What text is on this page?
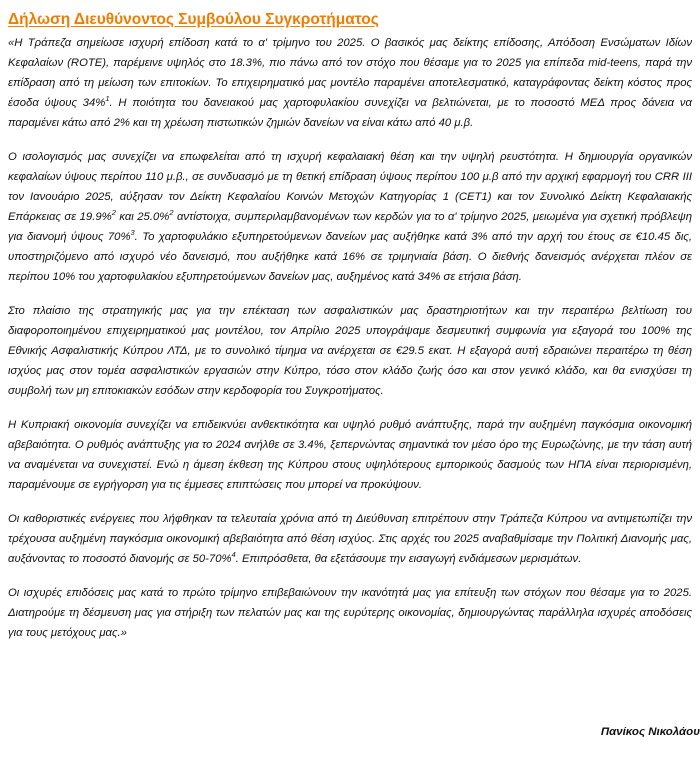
Δήλωση Διευθύνοντος Συμβούλου Συγκροτήματος

«Η Τράπεζα σημείωσε ισχυρή επίδοση κατά το α' τρίμηνο του 2025. Ο βασικός μας δείκτης επίδοσης, Απόδοση Ενσώματων Ιδίων Κεφαλαίων (ROTE), παρέμεινε υψηλός στο 18.3%, πιο πάνω από τον στόχο που θέσαμε για το 2025 για επίπεδα mid-teens, παρά την επίδραση από τη μείωση των επιτοκίων. Το επιχειρηματικό μας μοντέλο παραμένει αποτελεσματικό, καταγράφοντας δείκτη κόστος προς έσοδα ύψους 34%$^1$. Η ποιότητα του δανειακού μας χαρτοφυλακίου συνεχίζει να βελτιώνεται, με το ποσοστό ΜΕΔ προς δάνεια να παραμένει κάτω από 2% και τη χρέωση πιστωτικών ζημιών δανείων να είναι κάτω από 40 μ.β.

Ο ισολογισμός μας συνεχίζει να επωφελείται από τη ισχυρή κεφαλαιακή θέση και την υψηλή ρευστότητα. Η δημιουργία οργανικών κεφαλαίων ύψους περίπου 110 μ.β., σε συνδυασμό με τη θετική επίδραση ύψους περίπου 100 μ.β από την αρχική εφαρμογή του CRR III τον Ιανουάριο 2025, αύξησαν τον Δείκτη Κεφαλαίου Κοινών Μετοχών Κατηγορίας 1 (CET1) και τον Συνολικό Δείκτη Κεφαλαιακής Επάρκειας σε 19.9%$^2$ και 25.0%$^2$ αντίστοιχα, συμπεριλαμβανομένων των κερδών για το α' τρίμηνο 2025, μειωμένα για σχετική πρόβλεψη για διανομή ύψους 70%$^3$. Το χαρτοφυλάκιο εξυπηρετούμενων δανείων μας αυξήθηκε κατά 3% από την αρχή του έτους σε €10.45 δις, υποστηριζόμενο από ισχυρό νέο δανεισμό, που αυξήθηκε κατά 16% σε τριμηνιαία βάση. Ο διεθνής δανεισμός ανέρχεται πλέον σε περίπου 10% του χαρτοφυλακίου εξυπηρετούμενων δανείων μας, αυξημένος κατά 34% σε ετήσια βάση.

Στο πλαίσιο της στρατηγικής μας για την επέκταση των ασφαλιστικών μας δραστηριοτήτων και την περαιτέρω βελτίωση του διαφοροποιημένου επιχειρηματικού μας μοντέλου, τον Απρίλιο 2025 υπογράψαμε δεσμευτική συμφωνία για εξαγορά του 100% της Εθνικής Ασφαλιστικής Κύπρου ΛΤΔ, με το συνολικό τίμημα να ανέρχεται σε €29.5 εκατ. Η εξαγορά αυτή εδραιώνει περαιτέρω τη θέση ισχύος μας στον τομέα ασφαλιστικών εργασιών στην Κύπρο, τόσο στον κλάδο ζωής όσο και στον γενικό κλάδο, και θα ενισχύσει τη συμβολή των μη επιτοκιακών εσόδων στην κερδοφορία του Συγκροτήματος.

Η Κυπριακή οικονομία συνεχίζει να επιδεικνύει ανθεκτικότητα και υψηλό ρυθμό ανάπτυξης, παρά την αυξημένη παγκόσμια οικονομική αβεβαιότητα. Ο ρυθμός ανάπτυξης για το 2024 ανήλθε σε 3.4%, ξεπερνώντας σημαντικά τον μέσο όρο της Ευρωζώνης, με την τάση αυτή να αναμένεται να συνεχιστεί. Ενώ η άμεση έκθεση της Κύπρου στους υψηλότερους εμπορικούς δασμούς των ΗΠΑ είναι περιορισμένη, παραμένουμε σε εγρήγορση για τις έμμεσες επιπτώσεις που μπορεί να προκύψουν.

Οι καθοριστικές ενέργειες που λήφθηκαν τα τελευταία χρόνια από τη Διεύθυνση επιτρέπουν στην Τράπεζα Κύπρου να αντιμετωπίζει την τρέχουσα αυξημένη παγκόσμια οικονομική αβεβαιότητα από θέση ισχύος. Στις αρχές του 2025 αναβαθμίσαμε την Πολιτική Διανομής μας, αυξάνοντας το ποσοστό διανομής σε 50-70%$^4$. Επιπρόσθετα, θα εξετάσουμε την εισαγωγή ενδιάμεσων μερισμάτων.

Οι ισχυρές επιδόσεις μας κατά το πρώτο τρίμηνο επιβεβαιώνουν την ικανότητά μας για επίτευξη των στόχων που θέσαμε για το 2025. Διατηρούμε τη δέσμευση μας για στήριξη των πελατών μας και της ευρύτερης οικονομίας, δημιουργώντας παράλληλα ισχυρές αποδόσεις για τους μετόχους μας.»

Πανίκος Νικολάου
